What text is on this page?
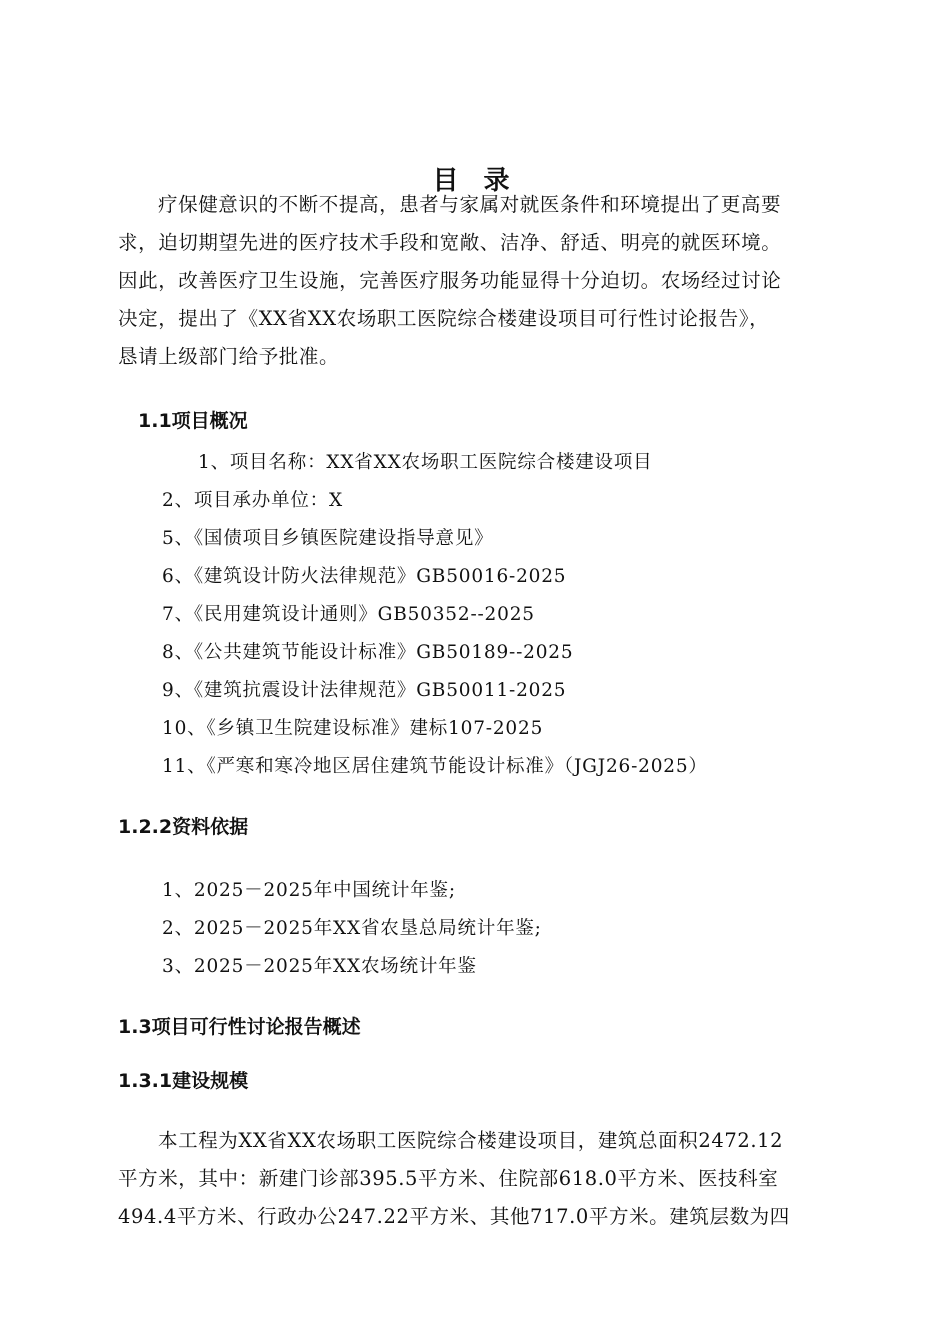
目 录

疗保健意识的不断不提高，患者与家属对就医条件和环境提出了更高要

求，迫切期望先进的医疗技术手段和宽敞、洁净、舒适、明亮的就医环境。

因此，改善医疗卫生设施，完善医疗服务功能显得十分迫切。农场经过讨论

决定，提出了《XX省XX农场职工医院综合楼建设项目可行性讨论报告》，

恳请上级部门给予批准。

1.1项目概况
1、项目名称：XX省XX农场职工医院综合楼建设项目
2、项目承办单位：X
5、《国债项目乡镇医院建设指导意见》
6、《建筑设计防火法律规范》GB50016-2025
7、《民用建筑设计通则》GB50352--2025
8、《公共建筑节能设计标准》GB50189--2025
9、《建筑抗震设计法律规范》GB50011-2025
10、《乡镇卫生院建设标准》建标107-2025
11、《严寒和寒冷地区居住建筑节能设计标准》（JGJ26-2025）
1.2.2资料依据
1、2025－2025年中国统计年鉴;
2、2025－2025年XX省农垦总局统计年鉴;
3、2025－2025年XX农场统计年鉴
1.3项目可行性讨论报告概述
1.3.1建设规模

本工程为XX省XX农场职工医院综合楼建设项目，建筑总面积2472.12

平方米，其中：新建门诊部395.5平方米、住院部618.0平方米、医技科室

494.4平方米、行政办公247.22平方米、其他717.0平方米。建筑层数为四
